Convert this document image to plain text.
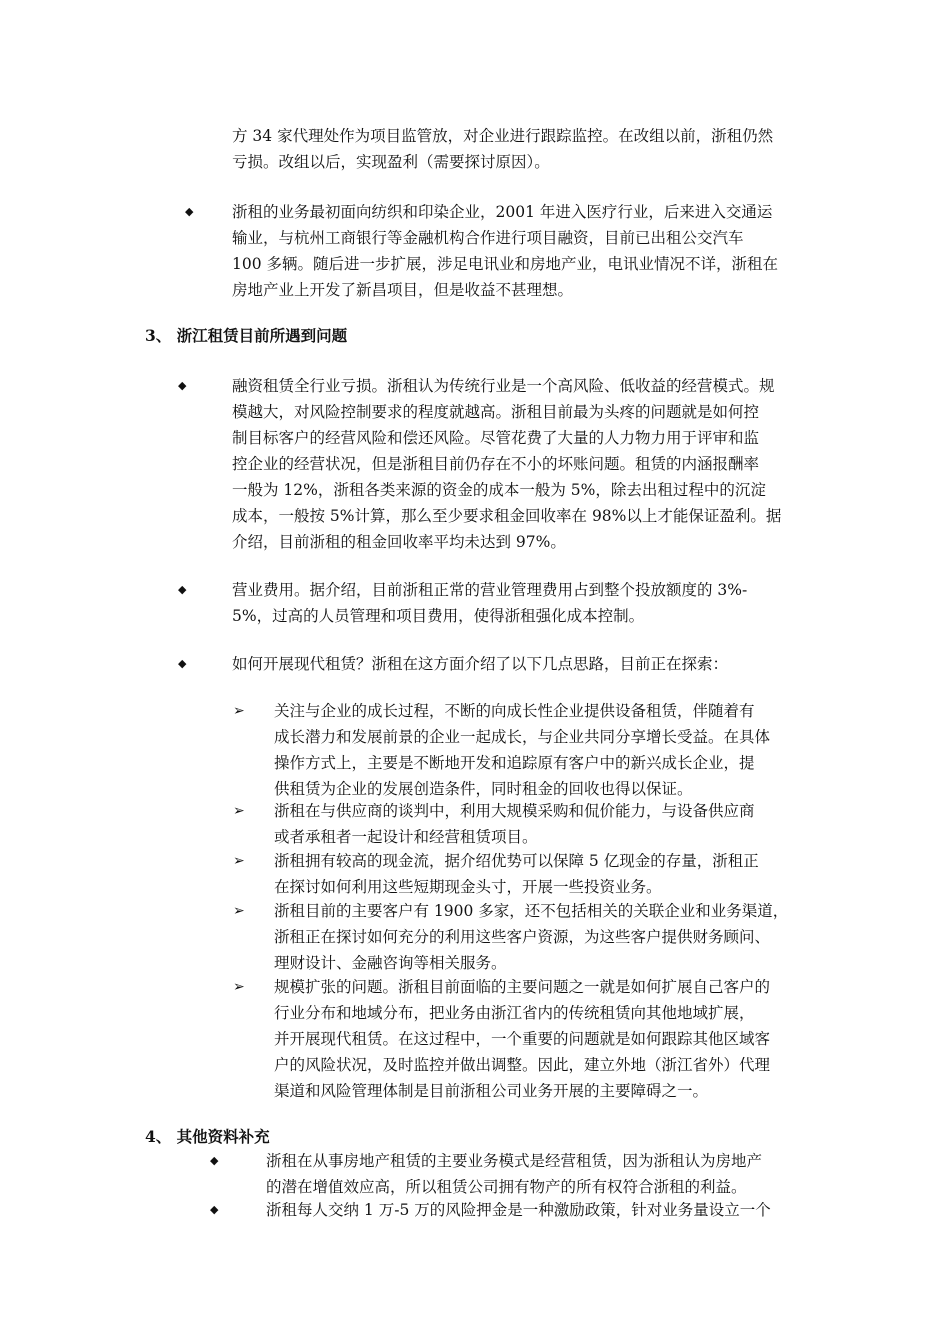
方 34 家代理处作为项目监管放，对企业进行跟踪监控。在改组以前，浙租仍然
亏损。改组以后，实现盈利（需要探讨原因）。
◆ 浙租的业务最初面向纺织和印染企业，2001 年进入医疗行业，后来进入交通运
输业，与杭州工商银行等金融机构合作进行项目融资，目前已出租公交汽车
100 多辆。随后进一步扩展，涉足电讯业和房地产业，电讯业情况不详，浙租在
房地产业上开发了新昌项目，但是收益不甚理想。
3、 浙江租赁目前所遇到问题
◆	融资租赁全行业亏损。浙租认为传统行业是一个高风险、低收益的经营模式。规
模越大，对风险控制要求的程度就越高。浙租目前最为头疼的问题就是如何控
制目标客户的经营风险和偿还风险。尽管花费了大量的人力物力用于评审和监
控企业的经营状况，但是浙租目前仍存在不小的坏账问题。租赁的内涵报酬率
一般为 12%，浙租各类来源的资金的成本一般为 5%，除去出租过程中的沉淀
成本，一般按 5%计算，那么至少要求租金回收率在 98%以上才能保证盈利。据
介绍，目前浙租的租金回收率平均未达到 97%。
◆	营业费用。据介绍，目前浙租正常的营业管理费用占到整个投放额度的 3%-
5%，过高的人员管理和项目费用，使得浙租强化成本控制。
◆	如何开展现代租赁？浙租在这方面介绍了以下几点思路，目前正在探索：
➢ 关注与企业的成长过程，不断的向成长性企业提供设备租赁，伴随着有
成长潜力和发展前景的企业一起成长，与企业共同分享增长受益。在具体
操作方式上，主要是不断地开发和追踪原有客户中的新兴成长企业，提
供租赁为企业的发展创造条件，同时租金的回收也得以保证。
➢ 浙租在与供应商的谈判中，利用大规模采购和侃价能力，与设备供应商
或者承租者一起设计和经营租赁项目。
➢ 浙租拥有较高的现金流，据介绍优势可以保障 5 亿现金的存量，浙租正
在探讨如何利用这些短期现金头寸，开展一些投资业务。
➢ 浙租目前的主要客户有 1900 多家，还不包括相关的关联企业和业务渠道，
浙租正在探讨如何充分的利用这些客户资源，为这些客户提供财务顾问、
理财设计、金融咨询等相关服务。
➢ 规模扩张的问题。浙租目前面临的主要问题之一就是如何扩展自己客户的
行业分布和地域分布，把业务由浙江省内的传统租赁向其他地域扩展，
并开展现代租赁。在这过程中，一个重要的问题就是如何跟踪其他区域客
户的风险状况，及时监控并做出调整。因此，建立外地（浙江省外）代理
渠道和风险管理体制是目前浙租公司业务开展的主要障碍之一。
4、 其他资料补充
◆	浙租在从事房地产租赁的主要业务模式是经营租赁，因为浙租认为房地产
的潜在增值效应高，所以租赁公司拥有物产的所有权符合浙租的利益。
◆	浙租每人交纳 1 万-5 万的风险押金是一种激励政策，针对业务量设立一个
